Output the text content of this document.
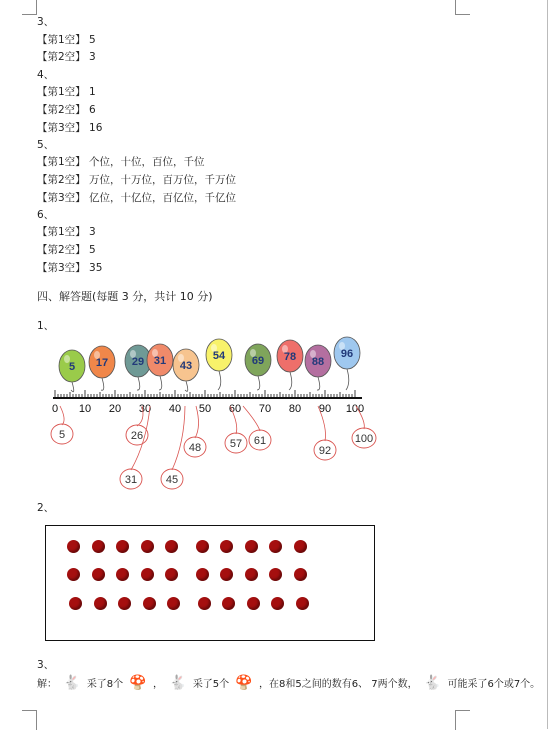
3、
【第1空】 5
【第2空】 3
4、
【第1空】 1
【第2空】 6
【第3空】 16
5、
【第1空】 个位，十位，百位，千位
【第2空】 万位，十万位，百万位，千万位
【第3空】 亿位，十亿位，百亿位，千亿位
6、
【第1空】 3
【第2空】 5
【第3空】 35
四、解答题(每题 3 分，共计 10 分)
1、
0 10 20 30 40 50 60 70 80 90 100
5 17 29 31 43
54 69 78 88
96
5	26
31	45
48	57 61
92
100
2、
3、
解： 🐇 采了8个 🍄 ， 🐇 采了5个 🍄 ，在8和5之间的数有6、 7两个数， 🐇 可能采了6个或7个。
